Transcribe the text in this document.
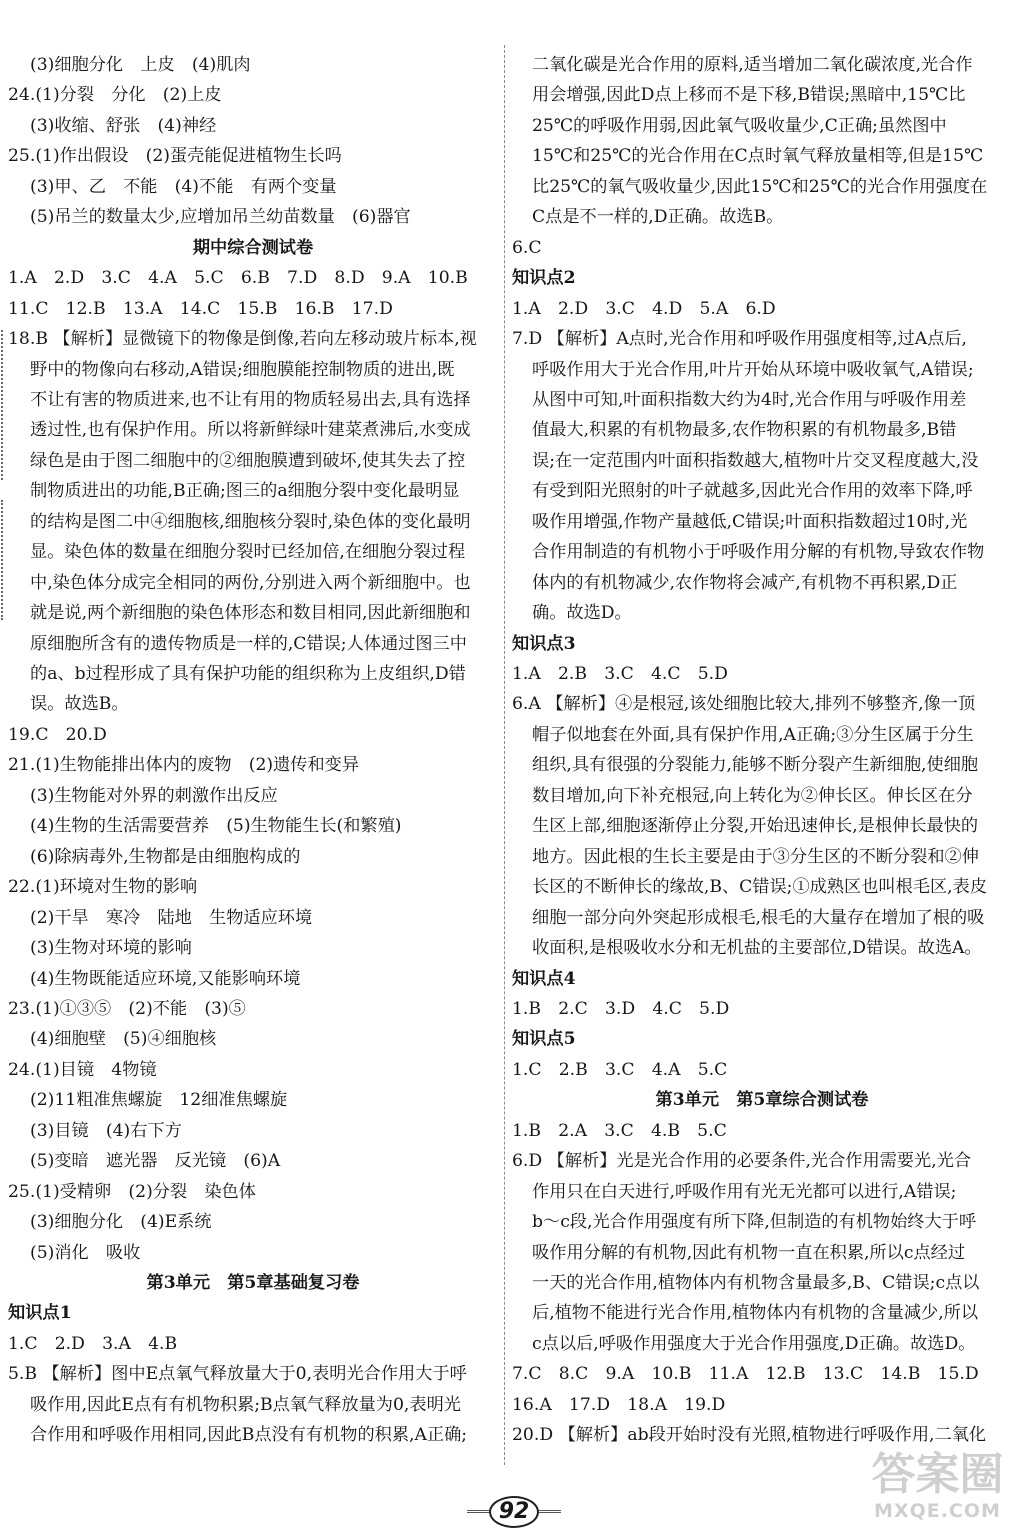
(3)细胞分化　上皮　(4)肌肉
24.(1)分裂　分化　(2)上皮
(3)收缩、舒张　(4)神经
25.(1)作出假设　(2)蛋壳能促进植物生长吗
(3)甲、乙　不能　(4)不能　有两个变量
(5)吊兰的数量太少,应增加吊兰幼苗数量　(6)器官
期中综合测试卷
1.A　2.D　3.C　4.A　5.C　6.B　7.D　8.D　9.A　10.B
11.C　12.B　13.A　14.C　15.B　16.B　17.D
18.B 【解析】显微镜下的物像是倒像,若向左移动玻片标本,视
野中的物像向右移动,A错误;细胞膜能控制物质的进出,既
不让有害的物质进来,也不让有用的物质轻易出去,具有选择
透过性,也有保护作用。所以将新鲜绿叶建菜煮沸后,水变成
绿色是由于图二细胞中的②细胞膜遭到破坏,使其失去了控
制物质进出的功能,B正确;图三的a细胞分裂中变化最明显
的结构是图二中④细胞核,细胞核分裂时,染色体的变化最明
显。染色体的数量在细胞分裂时已经加倍,在细胞分裂过程
中,染色体分成完全相同的两份,分别进入两个新细胞中。也
就是说,两个新细胞的染色体形态和数目相同,因此新细胞和
原细胞所含有的遗传物质是一样的,C错误;人体通过图三中
的a、b过程形成了具有保护功能的组织称为上皮组织,D错
误。故选B。
19.C　20.D
21.(1)生物能排出体内的废物　(2)遗传和变异
(3)生物能对外界的刺激作出反应
(4)生物的生活需要营养　(5)生物能生长(和繁殖)
(6)除病毒外,生物都是由细胞构成的
22.(1)环境对生物的影响
(2)干旱　寒冷　陆地　生物适应环境
(3)生物对环境的影响
(4)生物既能适应环境,又能影响环境
23.(1)①③⑤　(2)不能　(3)⑤
(4)细胞壁　(5)④细胞核
24.(1)目镜　4物镜
(2)11粗准焦螺旋　12细准焦螺旋
(3)目镜　(4)右下方
(5)变暗　遮光器　反光镜　(6)A
25.(1)受精卵　(2)分裂　染色体
(3)细胞分化　(4)E系统
(5)消化　吸收
第3单元　第5章基础复习卷
知识点1
1.C　2.D　3.A　4.B
5.B 【解析】图中E点氧气释放量大于0,表明光合作用大于呼
吸作用,因此E点有有机物积累;B点氧气释放量为0,表明光
合作用和呼吸作用相同,因此B点没有有机物的积累,A正确;
二氧化碳是光合作用的原料,适当增加二氧化碳浓度,光合作
用会增强,因此D点上移而不是下移,B错误;黑暗中,15℃比
25℃的呼吸作用弱,因此氧气吸收量少,C正确;虽然图中
15℃和25℃的光合作用在C点时氧气释放量相等,但是15℃
比25℃的氧气吸收量少,因此15℃和25℃的光合作用强度在
C点是不一样的,D正确。故选B。
6.C
知识点2
1.A　2.D　3.C　4.D　5.A　6.D
7.D 【解析】A点时,光合作用和呼吸作用强度相等,过A点后,
呼吸作用大于光合作用,叶片开始从环境中吸收氧气,A错误;
从图中可知,叶面积指数大约为4时,光合作用与呼吸作用差
值最大,积累的有机物最多,农作物积累的有机物最多,B错
误;在一定范围内叶面积指数越大,植物叶片交叉程度越大,没
有受到阳光照射的叶子就越多,因此光合作用的效率下降,呼
吸作用增强,作物产量越低,C错误;叶面积指数超过10时,光
合作用制造的有机物小于呼吸作用分解的有机物,导致农作物
体内的有机物减少,农作物将会减产,有机物不再积累,D正
确。故选D。
知识点3
1.A　2.B　3.C　4.C　5.D
6.A 【解析】④是根冠,该处细胞比较大,排列不够整齐,像一顶
帽子似地套在外面,具有保护作用,A正确;③分生区属于分生
组织,具有很强的分裂能力,能够不断分裂产生新细胞,使细胞
数目增加,向下补充根冠,向上转化为②伸长区。伸长区在分
生区上部,细胞逐渐停止分裂,开始迅速伸长,是根伸长最快的
地方。因此根的生长主要是由于③分生区的不断分裂和②伸
长区的不断伸长的缘故,B、C错误;①成熟区也叫根毛区,表皮
细胞一部分向外突起形成根毛,根毛的大量存在增加了根的吸
收面积,是根吸收水分和无机盐的主要部位,D错误。故选A。
知识点4
1.B　2.C　3.D　4.C　5.D
知识点5
1.C　2.B　3.C　4.A　5.C
第3单元　第5章综合测试卷
1.B　2.A　3.C　4.B　5.C
6.D 【解析】光是光合作用的必要条件,光合作用需要光,光合
作用只在白天进行,呼吸作用有光无光都可以进行,A错误;
b～c段,光合作用强度有所下降,但制造的有机物始终大于呼
吸作用分解的有机物,因此有机物一直在积累,所以c点经过
一天的光合作用,植物体内有机物含量最多,B、C错误;c点以
后,植物不能进行光合作用,植物体内有机物的含量减少,所以
c点以后,呼吸作用强度大于光合作用强度,D正确。故选D。
7.C　8.C　9.A　10.B　11.A　12.B　13.C　14.B　15.D
16.A　17.D　18.A　19.D
20.D 【解析】ab段开始时没有光照,植物进行呼吸作用,二氧化
92
答案圈
MXQE.COM
